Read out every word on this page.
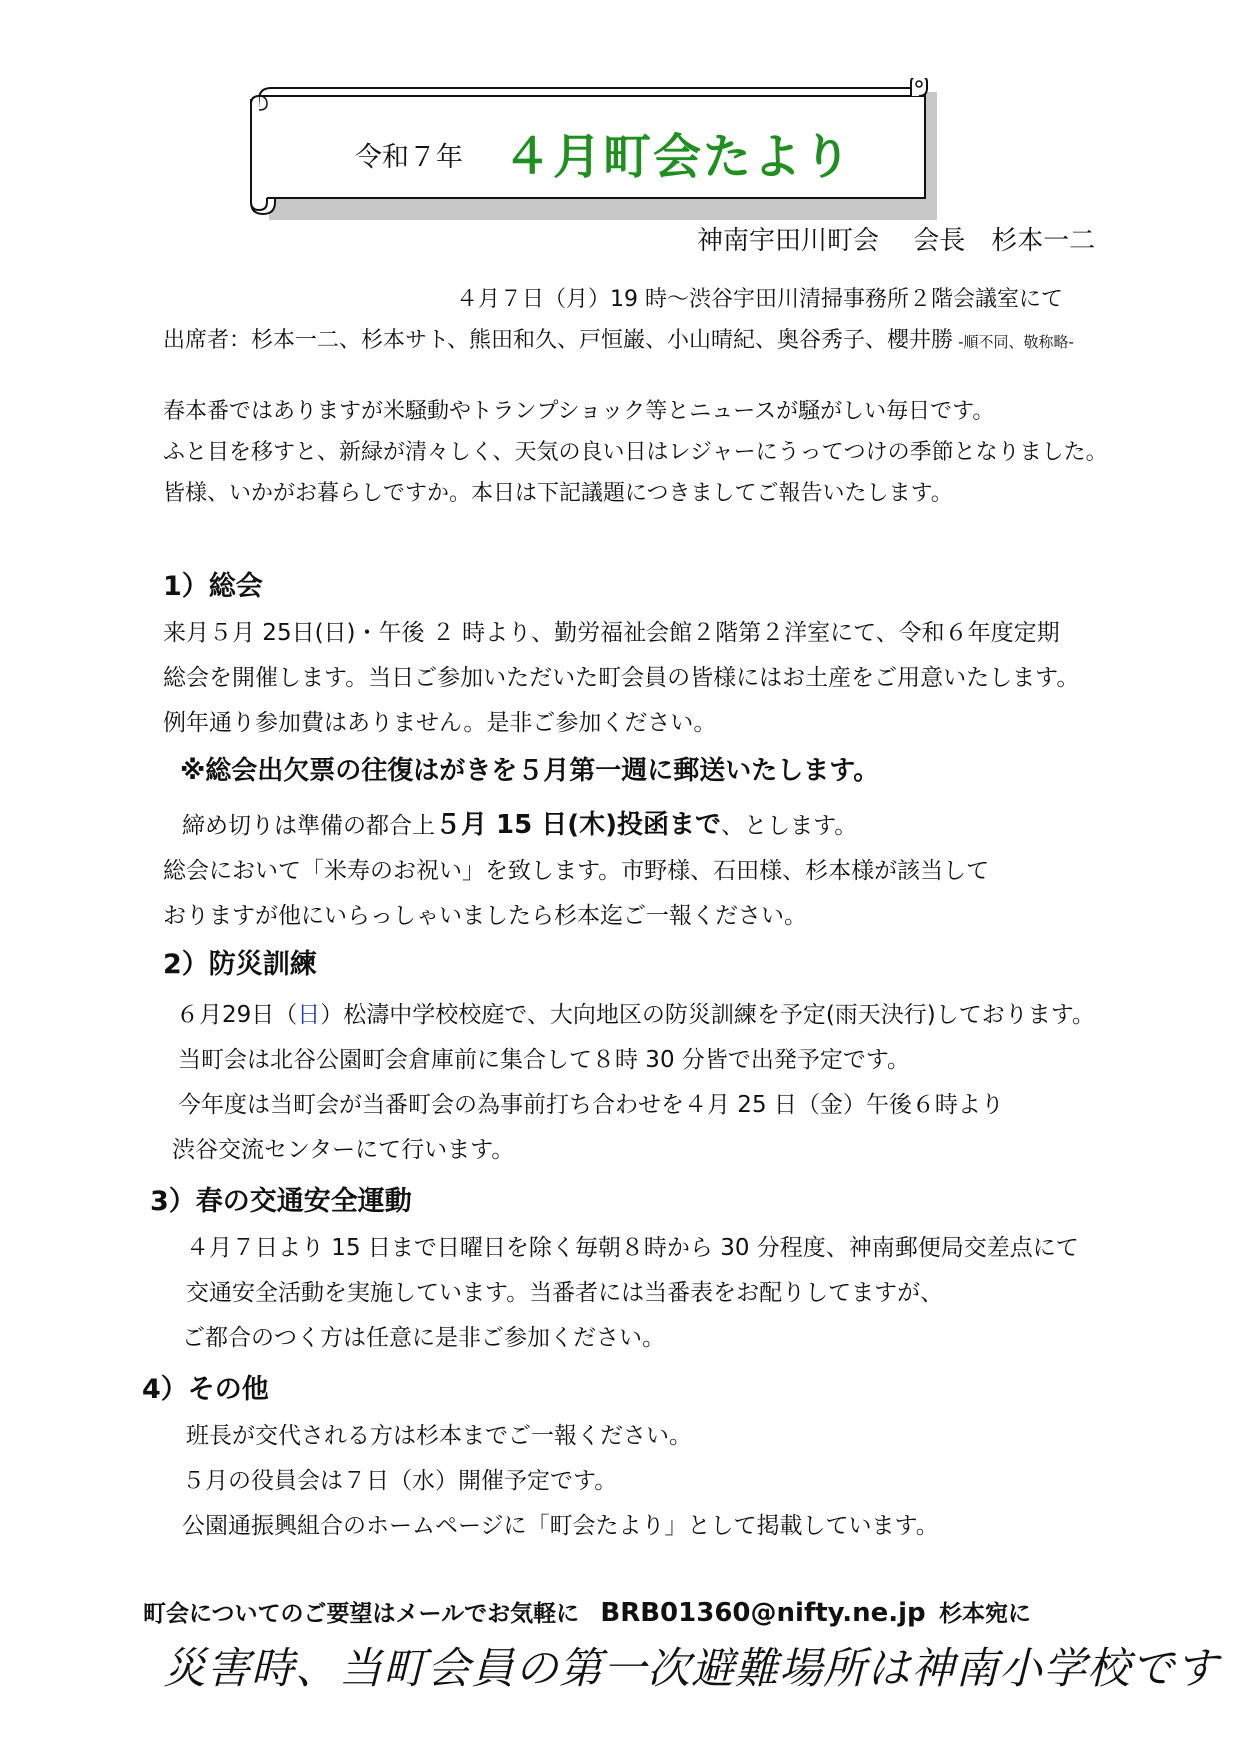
令和７年 ４月町会たより
神南宇田川町会　 会長　杉本一二
４月７日（月）19 時～渋谷宇田川清掃事務所２階会議室にて
出席者：杉本一二、杉本サト、熊田和久、戸恒巌、小山晴紀、奥谷秀子、櫻井勝 -順不同、敬称略-
春本番ではありますが米騒動やトランプショック等とニュースが騒がしい毎日です。
ふと目を移すと、新緑が清々しく、天気の良い日はレジャーにうってつけの季節となりました。
皆様、いかがお暮らしですか。本日は下記議題につきましてご報告いたします。
1）総会
来月５月 25日(日)・午後 ２ 時より、勤労福祉会館２階第２洋室にて、令和６年度定期
総会を開催します。当日ご参加いただいた町会員の皆様にはお土産をご用意いたします。
例年通り参加費はありません。是非ご参加ください。
※総会出欠票の往復はがきを５月第一週に郵送いたします。
締め切りは準備の都合上５月 15 日(木)投函まで、とします。
総会において「米寿のお祝い」を致します。市野様、石田様、杉本様が該当して
おりますが他にいらっしゃいましたら杉本迄ご一報ください。
2）防災訓練
６月29日（日）松濤中学校校庭で、大向地区の防災訓練を予定(雨天決行)しております。
当町会は北谷公園町会倉庫前に集合して８時 30 分皆で出発予定です。
今年度は当町会が当番町会の為事前打ち合わせを４月 25 日（金）午後６時より
渋谷交流センターにて行います。
3）春の交通安全運動
４月７日より 15 日まで日曜日を除く毎朝８時から 30 分程度、神南郵便局交差点にて
交通安全活動を実施しています。当番者には当番表をお配りしてますが、
ご都合のつく方は任意に是非ご参加ください。
4）その他
班長が交代される方は杉本までご一報ください。
５月の役員会は７日（水）開催予定です。
公園通振興組合のホームページに「町会たより」として掲載しています。
町会についてのご要望はメールでお気軽に BRB01360@nifty.ne.jp 杉本宛に
災害時、当町会員の第一次避難場所は神南小学校です
